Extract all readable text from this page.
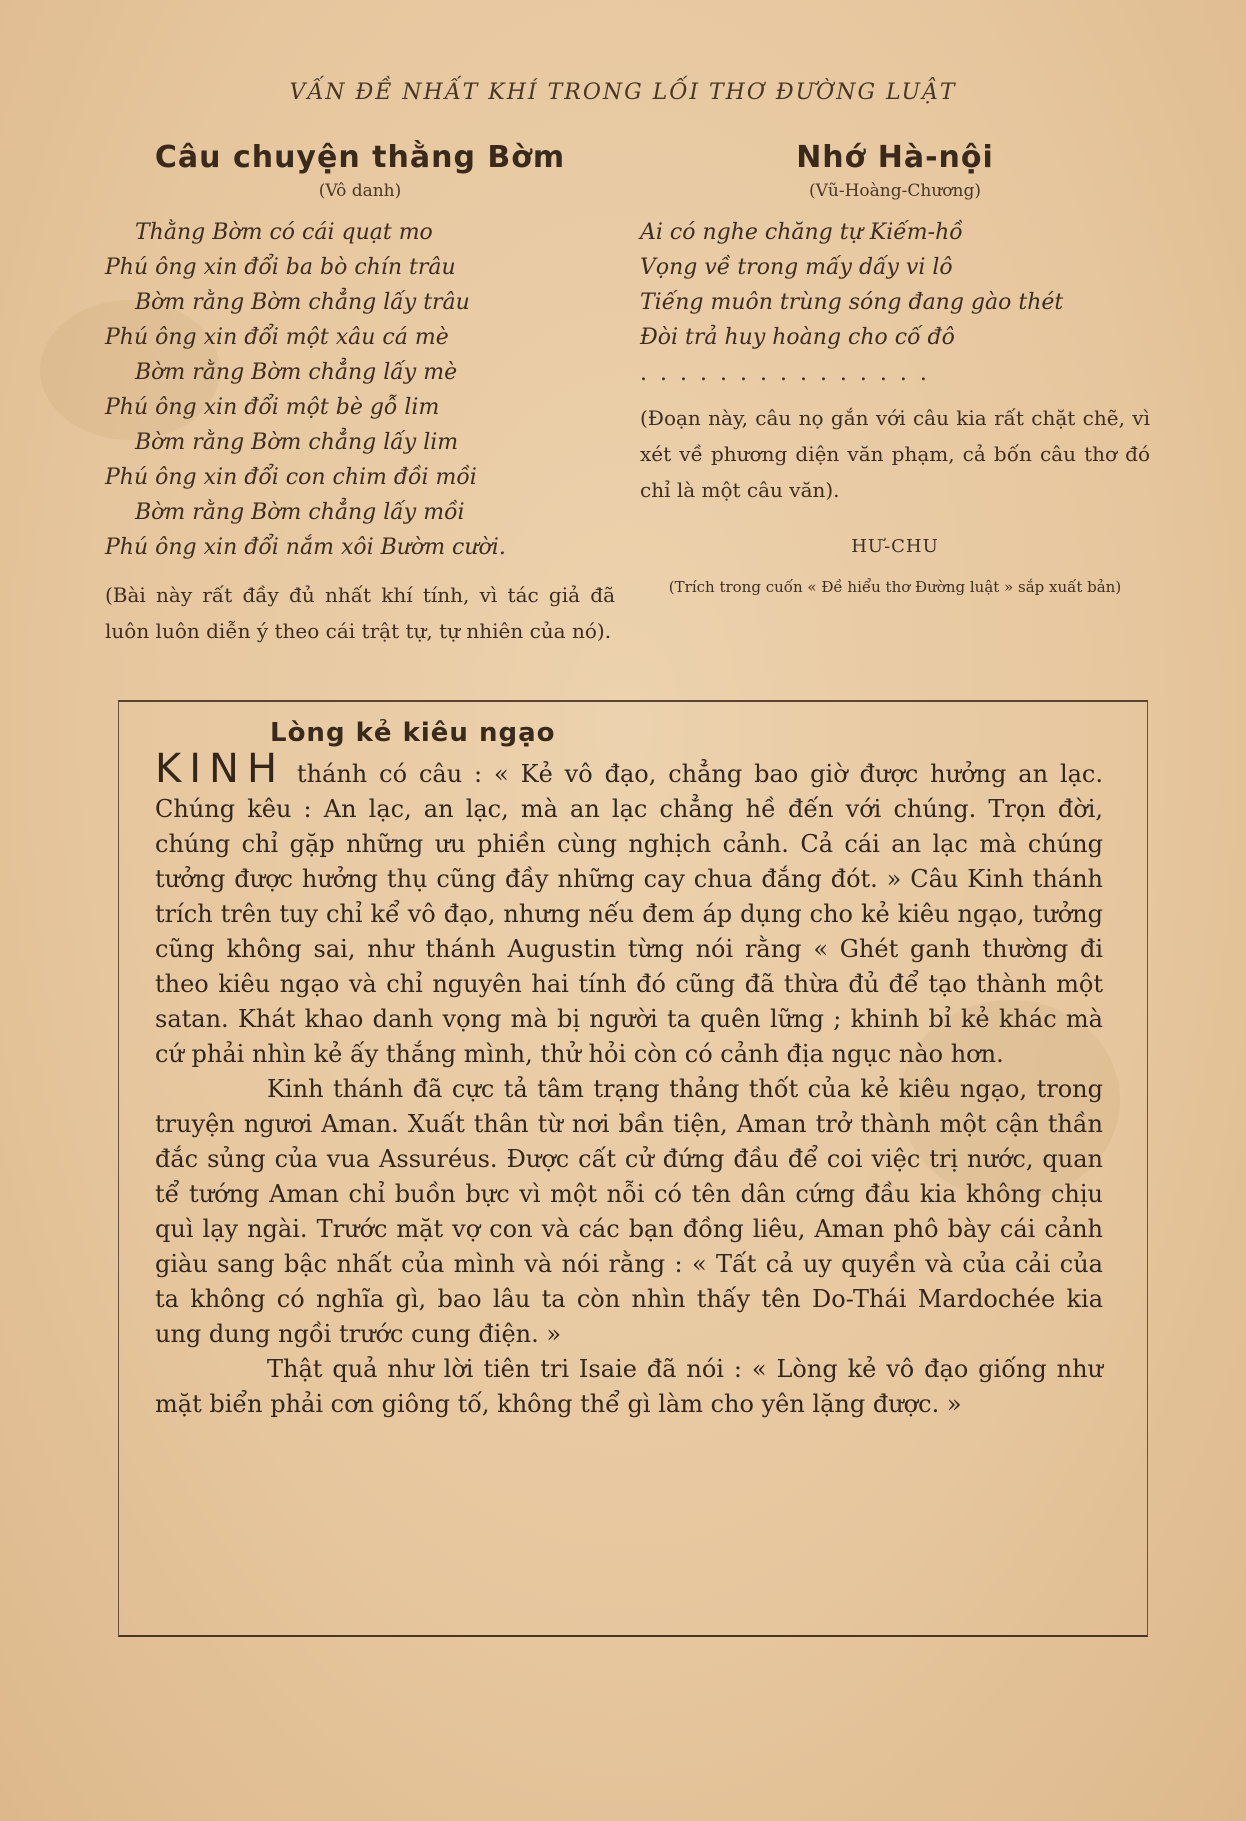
VẤN ĐỀ NHẤT KHÍ TRONG LỐI THƠ ĐƯỜNG LUẬT
Câu chuyện thằng Bờm
(Vô danh)
Thằng Bờm có cái quạt mo
Phú ông xin đổi ba bò chín trâu
Bờm rằng Bờm chẳng lấy trâu
Phú ông xin đổi một xâu cá mè
Bờm rằng Bờm chẳng lấy mè
Phú ông xin đổi một bè gỗ lim
Bờm rằng Bờm chẳng lấy lim
Phú ông xin đổi con chim đồi mồi
Bờm rằng Bờm chẳng lấy mồi
Phú ông xin đổi nắm xôi Bườm cười.

(Bài này rất đầy đủ nhất khí tính, vì tác giả đã luôn luôn diễn ý theo cái trật tự, tự nhiên của nó).

Nhớ Hà-nội
(Vũ-Hoàng-Chương)
Ai có nghe chăng tự Kiếm-hồ
Vọng về trong mấy dấy vi lô
Tiếng muôn trùng sóng đang gào thét
Đòi trả huy hoàng cho cố đô
...............

(Đoạn này, câu nọ gắn với câu kia rất chặt chẽ, vì xét về phương diện văn phạm, cả bốn câu thơ đó chỉ là một câu văn).

HƯ-CHU
(Trích trong cuốn « Đề hiểu thơ Đường luật » sắp xuất bản)
Lòng kẻ kiêu ngạo

KINH thánh có câu : « Kẻ vô đạo, chẳng bao giờ được hưởng an lạc. Chúng kêu : An lạc, an lạc, mà an lạc chẳng hề đến với chúng. Trọn đời, chúng chỉ gặp những ưu phiền cùng nghịch cảnh. Cả cái an lạc mà chúng tưởng được hưởng thụ cũng đầy những cay chua đắng đót. » Câu Kinh thánh trích trên tuy chỉ kể vô đạo, nhưng nếu đem áp dụng cho kẻ kiêu ngạo, tưởng cũng không sai, như thánh Augustin từng nói rằng « Ghét ganh thường đi theo kiêu ngạo và chỉ nguyên hai tính đó cũng đã thừa đủ để tạo thành một satan. Khát khao danh vọng mà bị người ta quên lững ; khinh bỉ kẻ khác mà cứ phải nhìn kẻ ấy thắng mình, thử hỏi còn có cảnh địa ngục nào hơn.

Kinh thánh đã cực tả tâm trạng thảng thốt của kẻ kiêu ngạo, trong truyện ngươi Aman. Xuất thân từ nơi bần tiện, Aman trở thành một cận thần đắc sủng của vua Assuréus. Được cất cử đứng đầu để coi việc trị nước, quan tể tướng Aman chỉ buồn bực vì một nỗi có tên dân cứng đầu kia không chịu quì lạy ngài. Trước mặt vợ con và các bạn đồng liêu, Aman phô bày cái cảnh giàu sang bậc nhất của mình và nói rằng : « Tất cả uy quyền và của cải của ta không có nghĩa gì, bao lâu ta còn nhìn thấy tên Do-Thái Mardochée kia ung dung ngồi trước cung điện. »

Thật quả như lời tiên tri Isaie đã nói : « Lòng kẻ vô đạo giống như mặt biển phải cơn giông tố, không thể gì làm cho yên lặng được. »
